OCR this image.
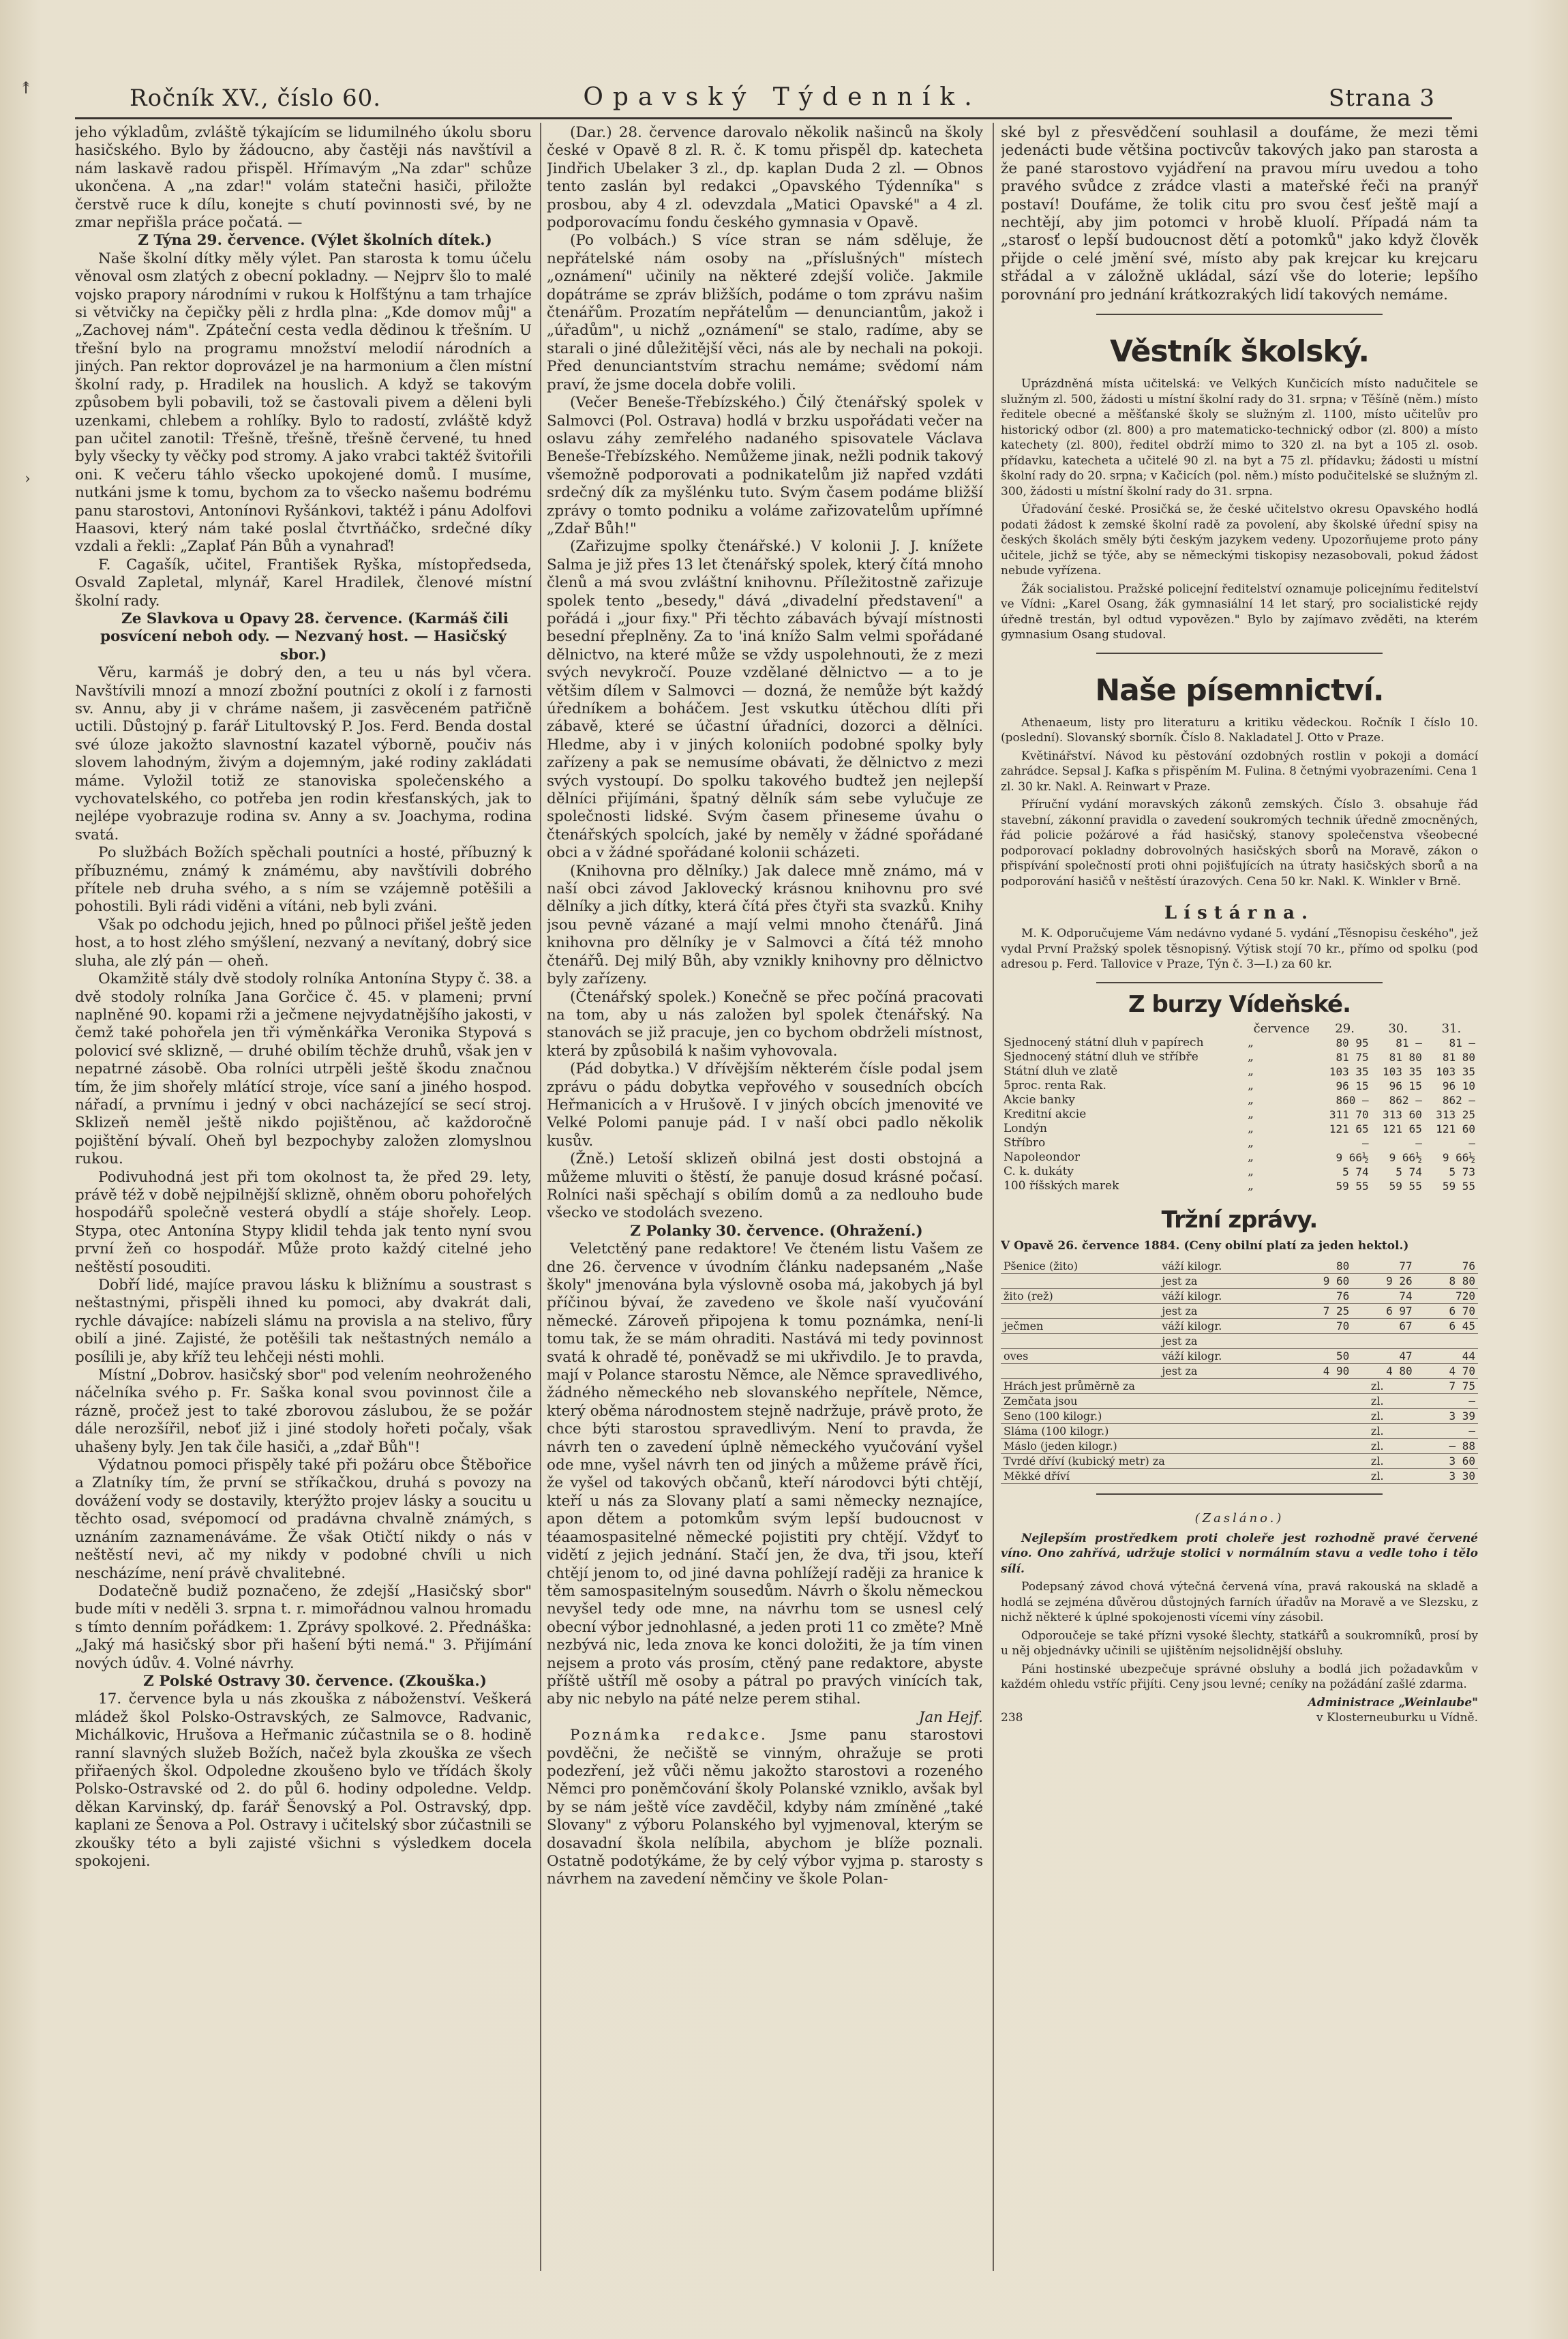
↟
›
Ročník XV., číslo 60.	Opavský Týdenník.	Strana 3

jeho výkladům, zvláště týkajícím se lidumilného úkolu sboru hasičského. Bylo by žádoucno, aby častěji nás navštívil a nám laskavě radou přispěl. Hřímavým „Na zdar" schůze ukončena. A „na zdar!" volám statečni hasiči, přiložte čerstvě ruce k dílu, konejte s chutí povinnosti své, by ne zmar nepřišla práce počatá. —

Z Týna 29. července. (Výlet školních dítek.)

Naše školní dítky měly výlet. Pan starosta k tomu účelu věnoval osm zlatých z obecní pokladny. — Nejprv šlo to malé vojsko prapory národními v rukou k Holfštýnu a tam trhajíce si větvičky na čepičky pěli z hrdla plna: „Kde domov můj" a „Zachovej nám". Zpáteční cesta vedla dědinou k třešním. U třešní bylo na programu množství melodií národních a jiných. Pan rektor doprovázel je na harmonium a člen místní školní rady, p. Hradilek na houslich. A když se takovým způsobem byli pobavili, tož se častovali pivem a děleni byli uzenkami, chlebem a rohlíky. Bylo to radostí, zvláště když pan učitel zanotil: Třešně, třešně, třešně červené, tu hned byly všecky ty věčky pod stromy. A jako vrabci taktéž švitořili oni. K večeru táhlo všecko upokojené domů. I musíme, nutkáni jsme k tomu, bychom za to všecko našemu bodrému panu starostovi, Antonínovi Ryšánkovi, taktéž i pánu Adolfovi Haasovi, který nám také poslal čtvrtňáčko, srdečné díky vzdali a řekli: „Zaplať Pán Bůh a vynahraď!

F. Cagašík, učitel, František Ryška, místopředseda, Osvald Zapletal, mlynář, Karel Hradilek, členové místní školní rady.

Ze Slavkova u Opavy 28. července. (Karmáš čili posvícení neboh ody. — Nezvaný host. — Hasičský sbor.)

Věru, karmáš je dobrý den, a teu u nás byl včera. Navštívili mnozí a mnozí zbožní poutníci z okolí i z farnosti sv. Annu, aby ji v chráme našem, ji zasvěceném patřičně uctili. Důstojný p. farář Litultovský P. Jos. Ferd. Benda dostal své úloze jakožto slavnostní kazatel výborně, poučiv nás slovem lahodným, živým a dojemným, jaké rodiny zakládati máme. Vyložil totiž ze stanoviska společenského a vychovatelského, co potřeba jen rodin křesťanských, jak to nejlépe vyobrazuje rodina sv. Anny a sv. Joachyma, rodina svatá.

Po službách Božích spěchali poutníci a hosté, příbuzný k příbuznému, známý k známému, aby navštívili dobrého přítele neb druha svého, a s ním se vzájemně potěšili a pohostili. Byli rádi viděni a vítáni, neb byli zváni.

Však po odchodu jejich, hned po půlnoci přišel ještě jeden host, a to host zlého smýšlení, nezvaný a nevítaný, dobrý sice sluha, ale zlý pán — oheň.

Okamžitě stály dvě stodoly rolníka Antonína Stypy č. 38. a dvě stodoly rolníka Jana Gorčice č. 45. v plameni; první naplněné 90. kopami rži a ječmene nejvydatnějšího jakosti, v čemž také pohořela jen tři výměnkářka Veronika Stypová s polovicí své sklizně, — druhé obilím těchže druhů, však jen v nepatrné zásobě. Oba rolníci utrpěli ještě škodu značnou tím, že jim shořely mlátící stroje, více saní a jiného hospod. nářadí, a prvnímu i jedný v obci nacházející se secí stroj. Sklizeň neměl ještě nikdo pojištěnou, ač každoročně pojištění bývalí. Oheň byl bezpochyby založen zlomyslnou rukou.

Podivuhodná jest při tom okolnost ta, že před 29. lety, právě též v době nejpilnější sklizně, ohněm oboru pohořelých hospodářů společně vesterá obydlí a stáje shořely. Leop. Stypa, otec Antonína Stypy klidil tehda jak tento nyní svou první žeň co hospodář. Může proto každý citelné jeho neštěstí posouditi.

Dobří lidé, majíce pravou lásku k bližnímu a soustrast s neštastnými, přispěli ihned ku pomoci, aby dvakrát dali, rychle dávajíce: nabízeli slámu na provisla a na stelivo, fůry obilí a jiné. Zajisté, že potěšili tak neštastných nemálo a posílili je, aby kříž teu lehčeji nésti mohli.

Místní „Dobrov. hasičský sbor" pod velením neohroženého náčelníka svého p. Fr. Saška konal svou povinnost čile a rázně, pročež jest to také zborovou záslubou, že se požár dále nerozšířil, neboť již i jiné stodoly hořeti počaly, však uhašeny byly. Jen tak čile hasiči, a „zdař Bůh"!

Výdatnou pomoci přispěly také při požáru obce Štěbořice a Zlatníky tím, že první se stříkačkou, druhá s povozy na dovážení vody se dostavily, kterýžto projev lásky a soucitu u těchto osad, svépomocí od pradávna chvalně známých, s uznáním zaznamenáváme. Že však Otičtí nikdy o nás v neštěstí nevi, ač my nikdy v podobné chvíli u nich nescházíme, není právě chvalitebné.

Dodatečně budiž poznačeno, že zdejší „Hasičský sbor" bude míti v neděli 3. srpna t. r. mimořádnou valnou hromadu s tímto denním pořádkem: 1. Zprávy spolkové. 2. Přednáška: „Jaký má hasičský sbor při hašení býti nemá." 3. Přijímání nových údův. 4. Volné návrhy.

Z Polské Ostravy 30. července. (Zkouška.)

17. července byla u nás zkouška z náboženství. Veškerá mládež škol Polsko-Ostravských, ze Salmovce, Radvanic, Michálkovic, Hrušova a Heřmanic zúčastnila se o 8. hodině ranní slavných služeb Božích, načež byla zkouška ze všech přiřaených škol. Odpoledne zkoušeno bylo ve třídách školy Polsko-Ostravské od 2. do půl 6. hodiny odpoledne. Veldp. děkan Karvinský, dp. farář Šenovský a Pol. Ostravský, dpp. kaplani ze Šenova a Pol. Ostravy i učitelský sbor zúčastnili se zkoušky této a byli zajisté všichni s výsledkem docela spokojeni.

(Dar.) 28. července darovalo několik našinců na školy české v Opavě 8 zl. R. č. K tomu přispěl dp. katecheta Jindřich Ubelaker 3 zl., dp. kaplan Duda 2 zl. — Obnos tento zaslán byl redakci „Opavského Týdenníka" s prosbou, aby 4 zl. odevzdala „Matici Opavské" a 4 zl. podporovacímu fondu českého gymnasia v Opavě.

(Po volbách.) S více stran se nám sděluje, že nepřátelské nám osoby na „příslušných" místech „oznámení" učinily na některé zdejší voliče. Jakmile dopátráme se zpráv bližších, podáme o tom zprávu našim čtenářům. Prozatím nepřátelům — denunciantům, jakož i „úřadům", u nichž „oznámení" se stalo, radíme, aby se starali o jiné důležitější věci, nás ale by nechali na pokoji. Před denunciantstvím strachu nemáme; svědomí nám praví, že jsme docela dobře volili.

(Večer Beneše-Třebízského.) Čilý čtenářský spolek v Salmovci (Pol. Ostrava) hodlá v brzku uspořádati večer na oslavu záhy zemřelého nadaného spisovatele Václava Beneše-Třebízského. Nemůžeme jinak, nežli podnik takový všemožně podporovati a podnikatelům již napřed vzdáti srdečný dík za myšlénku tuto. Svým časem podáme bližší zprávy o tomto podniku a voláme zařizovatelům upřímné „Zdař Bůh!"

(Zařizujme spolky čtenářské.) V kolonii J. J. knížete Salma je již přes 13 let čtenářský spolek, který čítá mnoho členů a má svou zvláštní knihovnu. Příležitostně zařizuje spolek tento „besedy," dává „divadelní představení" a pořádá i „jour fixy." Při těchto zábavách bývají místnosti besední přeplněny. Za to 'iná knížo Salm velmi spořádané dělnictvo, na které může se vždy uspolehnouti, že z mezi svých nevykročí. Pouze vzdělané dělnictvo — a to je většim dílem v Salmovci — dozná, že nemůže být každý úředníkem a boháčem. Jest vskutku útěchou dlíti při zábavě, které se účastní úřadníci, dozorci a dělníci. Hledme, aby i v jiných koloniích podobné spolky byly zařízeny a pak se nemusíme obávati, že dělnictvo z mezi svých vystoupí. Do spolku takového budtež jen nejlepší dělníci přijímáni, špatný dělník sám sebe vylučuje ze společnosti lidské. Svým časem přineseme úvahu o čtenářských spolcích, jaké by neměly v žádné spořádané obci a v žádné spořádané kolonii scházeti.

(Knihovna pro dělníky.) Jak dalece mně známo, má v naší obci závod Jaklovecký krásnou knihovnu pro své dělníky a jich dítky, která čítá přes čtyři sta svazků. Knihy jsou pevně vázané a mají velmi mnoho čtenářů. Jiná knihovna pro dělníky je v Salmovci a čítá též mnoho čtenářů. Dej milý Bůh, aby vznikly knihovny pro dělnictvo byly zařízeny.

(Čtenářský spolek.) Konečně se přec počíná pracovati na tom, aby u nás založen byl spolek čtenářský. Na stanovách se již pracuje, jen co bychom obdrželi místnost, která by způsobilá k našim vyhovovala.

(Pád dobytka.) V dřívějším některém čísle podal jsem zprávu o pádu dobytka vepřového v sousedních obcích Heřmanicích a v Hrušově. I v jiných obcích jmenovité ve Velké Polomi panuje pád. I v naší obci padlo několik kusův.

(Žně.) Letoší sklizeň obilná jest dosti obstojná a můžeme mluviti o štěstí, že panuje dosud krásné počasí. Rolníci naši spěchají s obilím domů a za nedlouho bude všecko ve stodolách svezeno.

Z Polanky 30. července. (Ohražení.)

Veletctěný pane redaktore! Ve čteném listu Vašem ze dne 26. července v úvodním článku nadepsaném „Naše školy" jmenována byla výslovně osoba má, jakobych já byl příčinou bývaí, že zavedeno ve škole naší vyučování německé. Zároveň připojena k tomu poznámka, není-li tomu tak, že se mám ohraditi. Nastává mi tedy povinnost svatá k ohradě té, poněvadž se mi ukřivdilo. Je to pravda, mají v Polance starostu Němce, ale Němce spravedlivého, žádného německého neb slovanského nepřítele, Němce, který oběma národnostem stejně nadržuje, právě proto, že chce býti starostou spravedlivým. Není to pravda, že návrh ten o zavedení úplně německého vyučování vyšel ode mne, vyšel návrh ten od jiných a můžeme právě říci, že vyšel od takových občanů, kteří národovci býti chtějí, kteří u nás za Slovany platí a sami německy neznajíce, apon dětem a potomkům svým lepší budoucnost v téaamospasitelné německé pojistiti pry chtějí. Vždyť to vidětí z jejich jednání. Stačí jen, že dva, tři jsou, kteří chtějí jenom to, od jiné davna pohlížejí raději za hranice k těm samospasitelným sousedům. Návrh o školu německou nevyšel tedy ode mne, na návrhu tom se usnesl celý obecní výbor jednohlasné, a jeden proti 11 co změte? Mně nezbývá nic, leda znova ke konci doložiti, že ja tím vinen nejsem a proto vás prosím, ctěný pane redaktore, abyste příště uštříl mě osoby a pátral po pravých vinících tak, aby nic nebylo na páté nelze perem stihal.

Jan Hejf.

Poznámka redakce. Jsme panu starostovi povděčni, že nečiště se vinným, ohražuje se proti podezření, jež vůči němu jakožto starostovi a rozeného Němci pro poněmčování školy Polanské vzniklo, avšak byl by se nám ještě více zavděčil, kdyby nám zmíněné „také Slovany" z výboru Polanského byl vyjmenoval, kterým se dosavadní škola nelíbila, abychom je blíže poznali. Ostatně podotýkáme, že by celý výbor vyjma p. starosty s návrhem na zavedení němčiny ve škole Polan-

ské byl z přesvědčení souhlasil a doufáme, že mezi těmi jedenácti bude většina poctivcův takových jako pan starosta a že pané starostovo vyjádření na pravou míru uvedou a toho pravého svůdce z zrádce vlasti a mateřské řeči na pranýř postaví! Doufáme, že tolik citu pro svou česť ještě mají a nechtějí, aby jim potomci v hrobě kluolí. Případá nám ta „starosť o lepší budoucnost dětí a potomků" jako když člověk přijde o celé jmění své, místo aby pak krejcar ku krejcaru střádal a v záložně ukládal, sází vše do loterie; lepšího porovnání pro jednání krátkozrakých lidí takových nemáme.

Věstník školský.

Uprázdněná místa učitelská: ve Velkých Kunčicích místo nadučitele se služným zl. 500, žádosti u místní školní rady do 31. srpna; v Těšíně (něm.) místo ředitele obecné a měšťanské školy se služným zl. 1100, místo učitelův pro historický odbor (zl. 800) a pro matematicko-technický odbor (zl. 800) a místo katechety (zl. 800), ředitel obdrží mimo to 320 zl. na byt a 105 zl. osob. přídavku, katecheta a učitelé 90 zl. na byt a 75 zl. přídavku; žádosti u místní školní rady do 20. srpna; v Kačicích (pol. něm.) místo podučitelské se služným zl. 300, žádosti u místní školní rady do 31. srpna.

Úřadování české. Prosičká se, že české učitelstvo okresu Opavského hodlá podati žádost k zemské školní radě za povolení, aby školské úřední spisy na českých školách směly býti českým jazykem vedeny. Upozorňujeme proto pány učitele, jichž se týče, aby se německými tiskopisy nezasobovali, pokud žádost nebude vyřízena.

Žák socialistou. Pražské policejní ředitelství oznamuje policejnímu ředitelství ve Vídni: „Karel Osang, žák gymnasiální 14 let starý, pro socialistické rejdy úředně trestán, byl odtud vypovězen." Bylo by zajímavo zvěděti, na kterém gymnasium Osang studoval.

Naše písemnictví.

Athenaeum, listy pro literaturu a kritiku vědeckou. Ročník I číslo 10. (poslední). Slovanský sborník. Číslo 8. Nakladatel J. Otto v Praze.

Květinářství. Návod ku pěstování ozdobných rostlin v pokoji a domácí zahrádce. Sepsal J. Kafka s přispěním M. Fulina. 8 četnými vyobrazeními. Cena 1 zl. 30 kr. Nakl. A. Reinwart v Praze.

Příruční vydání moravských zákonů zemských. Číslo 3. obsahuje řád stavební, zákonní pravidla o zavedení soukromých technik úředně zmocněných, řád policie požárové a řád hasičský, stanovy společenstva všeobecné podporovací pokladny dobrovolných hasičských sborů na Moravě, zákon o přispívání společností proti ohni pojišťujících na útraty hasičských sborů a na podporování hasičů v neštěstí úrazových. Cena 50 kr. Nakl. K. Winkler v Brně.

Lístárna.

M. K. Odporučujeme Vám nedávno vydané 5. vydání „Těsnopisu českého", jež vydal První Pražský spolek těsnopisný. Výtisk stojí 70 kr., přímo od spolku (pod adresou p. Ferd. Tallovice v Praze, Týn č. 3—I.) za 60 kr.

Z burzy Vídeňské.
	července	29.	30.	31.
Sjednocený státní dluh v papírech	„	80 95	81 —	81 —
Sjednocený státní dluh ve stříbře	„	81 75	81 80	81 80
Státní dluh ve zlatě	„	103 35	103 35	103 35
5proc. renta Rak.	„	96 15	96 15	96 10
Akcie banky	„	860 —	862 —	862 —
Kreditní akcie	„	311 70	313 60	313 25
Londýn	„	121 65	121 65	121 60
Stříbro	„	—	—	—
Napoleondor	„	9 66½	9 66½	9 66½
C. k. dukáty	„	5 74	5 74	5 73
100 říšských marek	„	59 55	59 55	59 55
Tržní zprávy.
V Opavě 26. července 1884. (Ceny obilní platí za jeden hektol.)
Pšenice (žito)	váží kilogr.	80	77	76
	jest za	9 60	9 26	8 80
žito (rež)	váží kilogr.	76	74	720
	jest za	7 25	6 97	6 70
ječmen	váží kilogr.	70	67	6 45
	jest za			
oves	váží kilogr.	50	47	44
	jest za	4 90	4 80	4 70
Hrách jest průměrně za	zl.	7 75
Zemčata jsou	zl.	—
Seno (100 kilogr.)	zl.	3 39
Sláma (100 kilogr.)	zl.	—
Máslo (jeden kilogr.)	zl.	— 88
Tvrdé dříví (kubický metr) za	zl.	3 60
Měkké dříví	zl.	3 30
(Zasláno.)

Nejlepším prostředkem proti choleře jest rozhodně pravé červené víno. Ono zahřívá, udržuje stolici v normálním stavu a vedle toho i tělo sílí.

Podepsaný závod chová výtečná červená vína, pravá rakouská na skladě a hodlá se zejména důvěrou důstojných farních úřadův na Moravě a ve Slezsku, z nichž některé k úplné spokojenosti vícemi víny zásobil.

Odporoučeje se také přízni vysoké šlechty, statkářů a soukromníků, prosí by u něj objednávky učinili se ujištěním nejsolidnější obsluhy.

Páni hostinské ubezpečuje správné obsluhy a bodlá jich požadavkům v každém ohledu vstříc přijíti. Ceny jsou levné; ceníky na požádání zašlé zdarma.

Administrace „Weinlaube"
238	v Klosterneuburku u Vídně.
